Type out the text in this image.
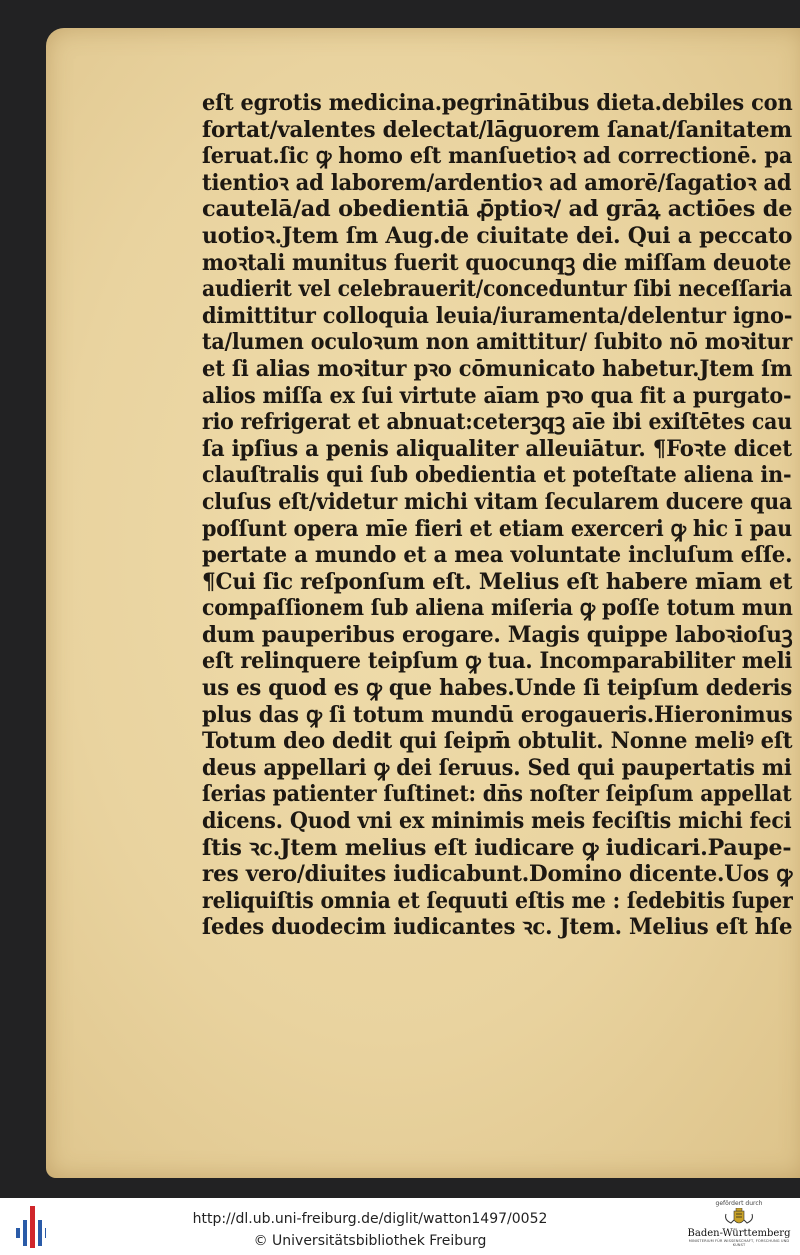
eſt egrotis medicina.pegrinātibus dieta.debiles con
fortat/valentes delectat/lāguorem ſanat/ſanitatem
ſeruat.ſic ꝙ homo eſt manſuetioꝛ ad correctionē. pa
tientioꝛ ad laborem/ardentioꝛ ad amorē/ſagatioꝛ ad
cautelā/ad obedientiā ꝓ̄ptioꝛ/ ad grāꝝ actiōes de
uotioꝛ.Jtem ſm Aug.de ciuitate dei. Qui a peccato
moꝛtali munitus fuerit quocunqꝫ die miſſam deuote
audierit vel celebrauerit/conceduntur ſibi neceſſaria
dimittitur colloquia leuia/iuramenta/delentur igno-
ta/lumen oculoꝛum non amittitur/ ſubito nō moꝛitur
et ſi alias moꝛitur pꝛo cōmunicato habetur.Jtem ſm
alios miſſa ex ſui virtute aīam pꝛo qua fit a purgato-
rio refrigerat et abnuat:ceterꝫqꝫ aīe ibi exiſtētes cau
ſa ipſius a penis aliqualiter alleuiātur. ¶Foꝛte dicet
clauſtralis qui ſub obedientia et poteſtate aliena in-
cluſus eſt/videtur michi vitam ſecularem ducere qua
poſſunt opera mīe fieri et etiam exerceri ꝙ hic ī pau
pertate a mundo et a mea voluntate incluſum eſſe.
¶Cui ſic reſponſum eſt. Melius eſt habere mīam et
compaſſionem ſub aliena miſeria ꝙ poſſe totum mun
dum pauperibus erogare. Magis quippe laboꝛioſuꝫ
eſt relinquere teipſum ꝙ tua. Incomparabiliter meli
us es quod es ꝙ que habes.Unde ſi teipſum dederis
plus das ꝙ ſi totum mundū erogaueris.Hieronimus
Totum deo dedit qui ſeipm̄ obtulit. Nonne meliꝰ eſt
deus appellari ꝙ dei ſeruus. Sed qui paupertatis mi
ſerias patienter ſuſtinet: dn̄s noſter ſeipſum appellat
dicens. Quod vni ex minimis meis feciſtis michi feci
ſtis ꝛc.Jtem melius eſt iudicare ꝙ iudicari.Paupe-
res vero/diuites iudicabunt.Domino dicente.Uos ꝙ
reliquiſtis omnia et ſequuti eſtis me : ſedebitis ſuper
ſedes duodecim iudicantes ꝛc. Jtem. Melius eſt hſe
http://dl.ub.uni-freiburg.de/diglit/watton1497/0052
© Universitätsbibliothek Freiburg
gefördert durch
Baden-Württemberg
MINISTERIUM FÜR WISSENSCHAFT, FORSCHUNG UND KUNST
